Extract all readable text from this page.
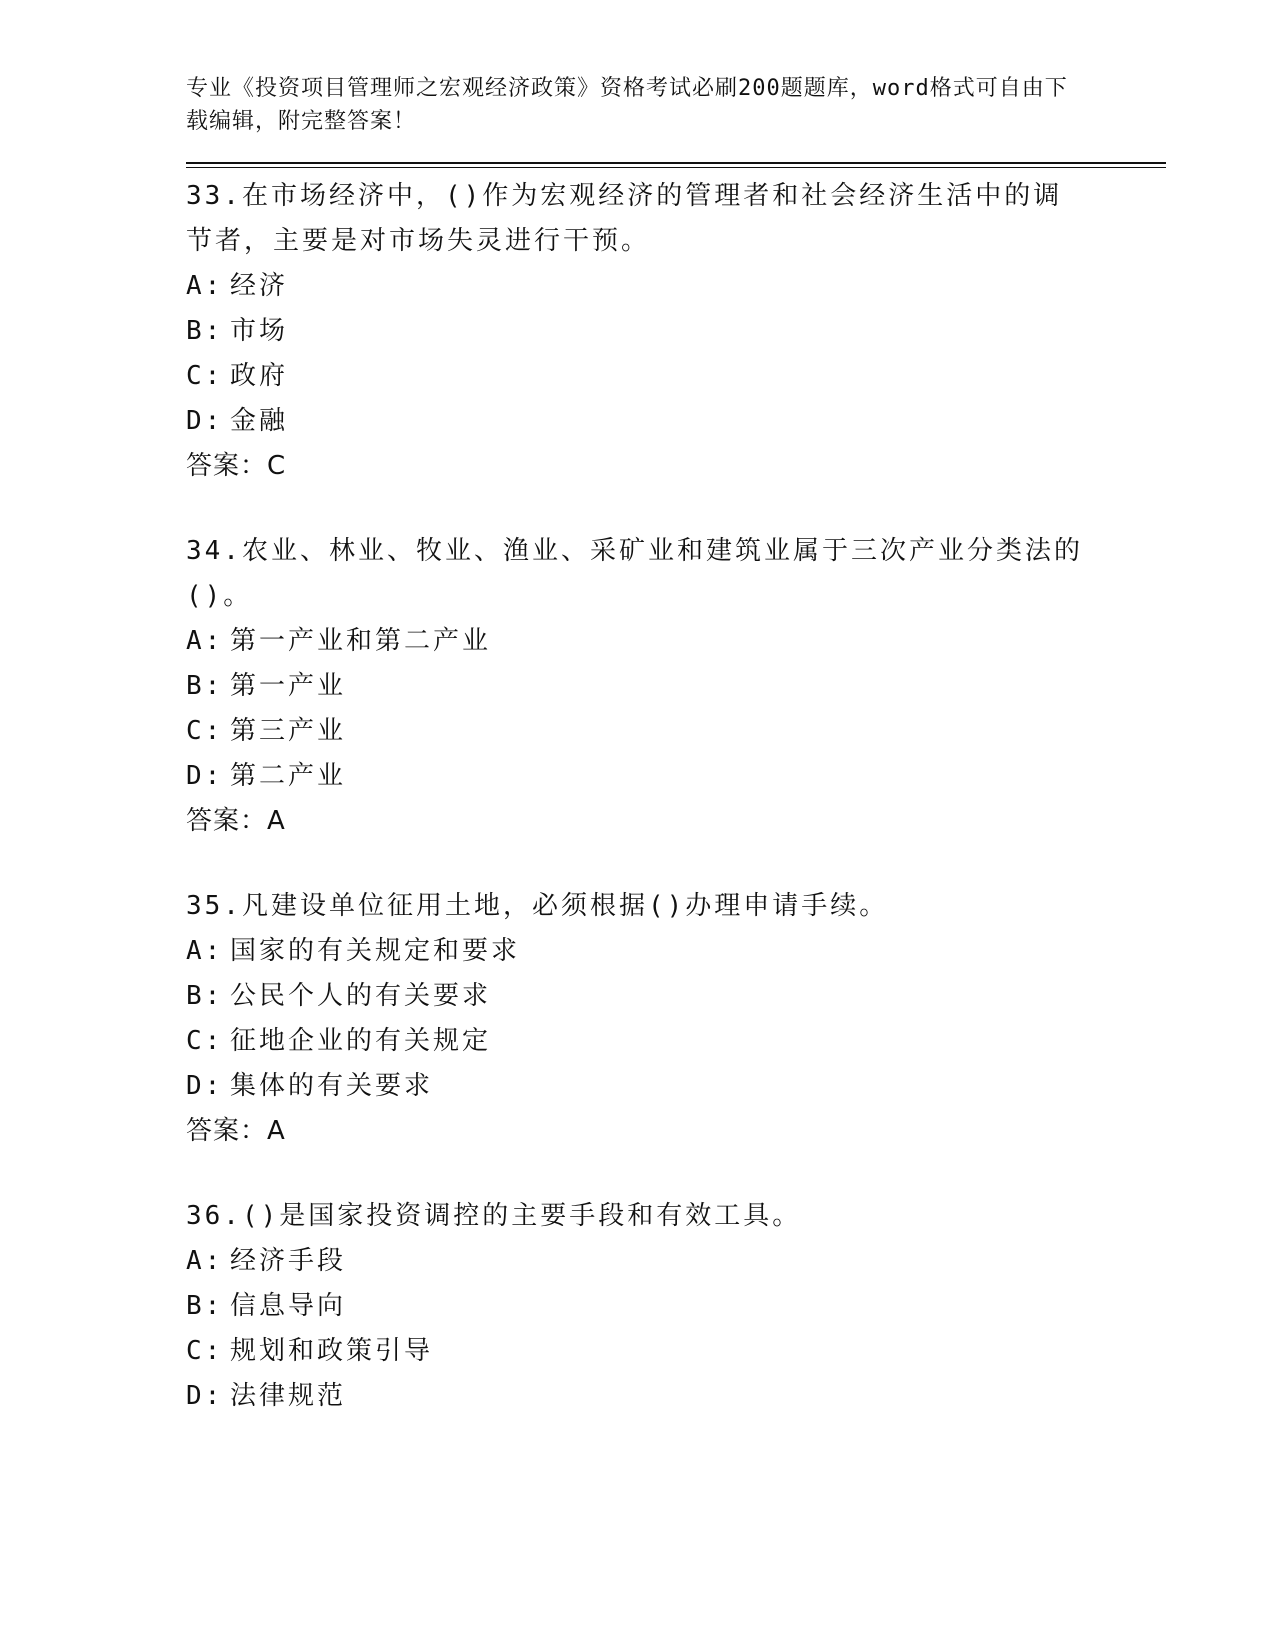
专业《投资项目管理师之宏观经济政策》资格考试必刷200题题库，word格式可自由下载编辑，附完整答案！
33.在市场经济中，()作为宏观经济的管理者和社会经济生活中的调节者，主要是对市场失灵进行干预。
A: 经济
B: 市场
C: 政府
D: 金融
答案：C
34.农业、林业、牧业、渔业、采矿业和建筑业属于三次产业分类法的()。
A: 第一产业和第二产业
B: 第一产业
C: 第三产业
D: 第二产业
答案：A
35.凡建设单位征用土地，必须根据()办理申请手续。
A: 国家的有关规定和要求
B: 公民个人的有关要求
C: 征地企业的有关规定
D: 集体的有关要求
答案：A
36.()是国家投资调控的主要手段和有效工具。
A: 经济手段
B: 信息导向
C: 规划和政策引导
D: 法律规范
